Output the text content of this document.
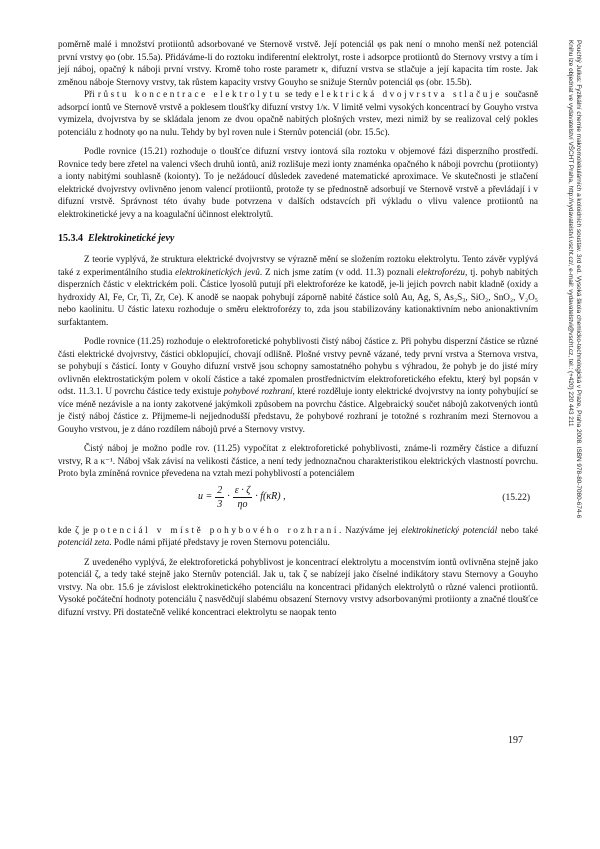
poměrně malé i množství protiiontů adsorbované ve Sternově vrstvě. Její potenciál φs pak není o mnoho menší než potenciál první vrstvy φo (obr. 15.5a). Přidáváme-li do roztoku indiferentní elektrolyt, roste i adsorpce protiiontů do Sternovy vrstvy a tím i její náboj, opačný k náboji první vrstvy. Kromě toho roste parametr κ, difuzní vrstva se stlačuje a její kapacita tím roste. Jak změnou náboje Sternovy vrstvy, tak růstem kapacity vrstvy Gouyho se snižuje Sternův potenciál φs (obr. 15.5b).

Při růstu koncentrace elektrolytu se tedy elektrická dvojvrstva stlačuje současně adsorpcí iontů ve Sternově vrstvě a poklesem tloušťky difuzní vrstvy 1/κ. V limitě velmi vysokých koncentrací by Gouyho vrstva vymizela, dvojvrstva by se skládala jenom ze dvou opačně nabitých plošných vrstev, mezi nimiž by se realizoval celý pokles potenciálu z hodnoty φo na nulu. Tehdy by byl roven nule i Sternův potenciál (obr. 15.5c).

Podle rovnice (15.21) rozhoduje o tloušťce difuzní vrstvy iontová síla roztoku v objemové fázi disperzního prostředí. Rovnice tedy bere zřetel na valenci všech druhů iontů, aniž rozlišuje mezi ionty znaménka opačného k náboji povrchu (protiionty) a ionty nabitými souhlasně (koionty). To je nežádoucí důsledek zavedené matematické aproximace. Ve skutečnosti je stlačení elektrické dvojvrstvy ovlivněno jenom valencí protiiontů, protože ty se přednostně adsorbují ve Sternově vrstvě a převládají i v difuzní vrstvě. Správnost této úvahy bude potvrzena v dalších odstavcích při výkladu o vlivu valence protiiontů na elektrokinetické jevy a na koagulační účinnost elektrolytů.

15.3.4 Elektrokinetické jevy

Z teorie vyplývá, že struktura elektrické dvojvrstvy se výrazně mění se složením roztoku elektrolytu. Tento závěr vyplývá také z experimentálního studia elektrokinetických jevů. Z nich jsme zatím (v odd. 11.3) poznali elektroforézu, tj. pohyb nabitých disperzních částic v elektrickém poli. Částice lyosolů putují při elektroforéze ke katodě, je-li jejich povrch nabit kladně (oxidy a hydroxidy Al, Fe, Cr, Ti, Zr, Ce). K anodě se naopak pohybují záporně nabité částice solů Au, Ag, S, As₂S₃, SiO₂, SnO₂, V₂O₅ nebo kaolinitu. U částic latexu rozhoduje o směru elektroforézy to, zda jsou stabilizovány kationaktivním nebo anionaktivním surfaktantem.

Podle rovnice (11.25) rozhoduje o elektroforetické pohyblivosti čistý náboj částice z. Při pohybu disperzní částice se různé části elektrické dvojvrstvy, částici obklopující, chovají odlišně. Plošné vrstvy pevně vázané, tedy první vrstva a Sternova vrstva, se pohybují s částicí. Ionty v Gouyho difuzní vrstvě jsou schopny samostatného pohybu s výhradou, že pohyb je do jisté míry ovlivněn elektrostatickým polem v okolí částice a také zpomalen prostřednictvím elektroforetického efektu, který byl popsán v odst. 11.3.1. U povrchu částice tedy existuje pohybové rozhraní, které rozděluje ionty elektrické dvojvrstvy na ionty pohybující se více méně nezávisle a na ionty zakotvené jakýmkoli způsobem na povrchu částice. Algebraický součet nábojů zakotvených iontů je čistý náboj částice z. Přijmeme-li nejjednodušší představu, že pohybové rozhraní je totožné s rozhraním mezi Sternovou a Gouyho vrstvou, je z dáno rozdílem nábojů prvé a Sternovy vrstvy.

Čistý náboj je možno podle rov. (11.25) vypočítat z elektroforetické pohyblivosti, známe-li rozměry částice a difuzní vrstvy, R a κ⁻¹. Náboj však závisí na velikosti částice, a není tedy jednoznačnou charakteristikou elektrických vlastností povrchu. Proto byla zmíněná rovnice převedena na vztah mezi pohyblivostí a potenciálem

$u = \frac{2}{3} \cdot \frac{\varepsilon \cdot \zeta}{\eta o} \cdot f(\kappa R)$ ,	(15.22)

kde ζ je potenciál v místě pohybového rozhraní. Nazýváme jej elektrokinetický potenciál nebo také potenciál zeta. Podle námi přijaté představy je roven Sternovu potenciálu.

Z uvedeného vyplývá, že elektroforetická pohyblivost je koncentrací elektrolytu a mocenstvím iontů ovlivněna stejně jako potenciál ζ, a tedy také stejně jako Sternův potenciál. Jak u, tak ζ se nabízejí jako číselné indikátory stavu Sternovy a Gouyho vrstvy. Na obr. 15.6 je závislost elektrokinetického potenciálu na koncentraci přidaných elektrolytů o různé valenci protiiontů. Vysoké počáteční hodnoty potenciálu ζ nasvědčují slabému obsazení Sternovy vrstvy adsorbovanými protiionty a značné tloušťce difuzní vrstvy. Při dostatečně veliké koncentraci elektrolytu se naopak tento

197
Pouchlý Julius: Fyzikální chemie makromolekulárních a koloidních soustav. 3rd ed. Vysoká škola chemicko-technologická v Praze, Praha 2008. ISBN 978-80-7080-674-6
Knihu lze objednat ve vydavatelství VŠCHT Praha, http://vydavatelstvi.vscht.cz/, e-mail: vydavatelstvi@vscht.cz, tel.: (+420) 220 443 211
